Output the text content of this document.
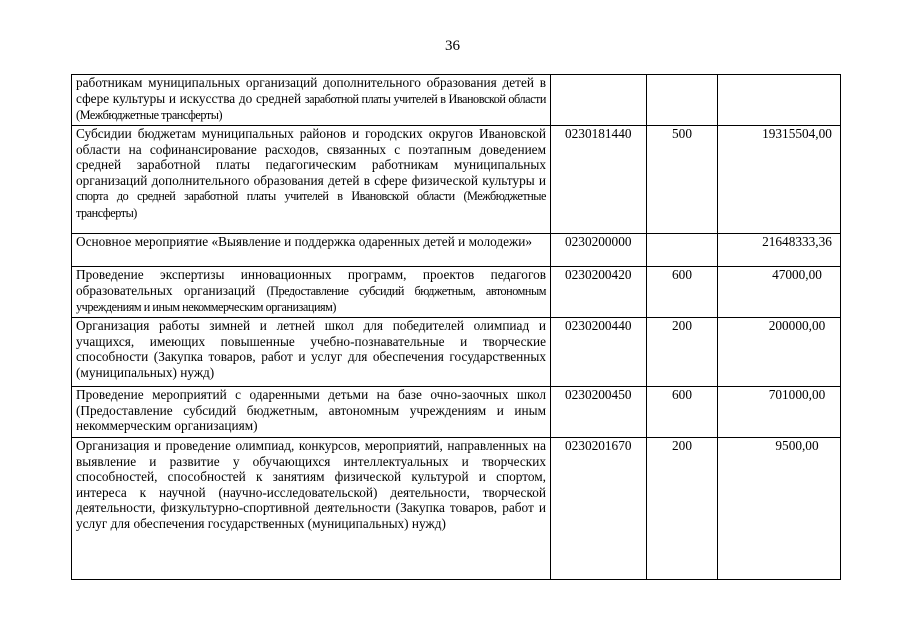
36
работникам муниципальных организаций дополнительного образования детей в сфере культуры и искусства до средней заработной платы учителей в Ивановской области (Межбюджетные трансферты)			
Субсидии бюджетам муниципальных районов и городских округов Ивановской области на софинансирование расходов, связанных с поэтапным доведением средней заработной платы педагогическим работникам муниципальных организаций дополнительного образования детей в сфере физической культуры и спорта до средней заработной платы учителей в Ивановской области (Межбюджетные трансферты)	0230181440	500	19315504,00
Основное мероприятие «Выявление и поддержка одаренных детей и молодежи»	0230200000		21648333,36
Проведение экспертизы инновационных программ, проектов педагогов образовательных организаций (Предоставление субсидий бюджетным, автономным учреждениям и иным некоммерческим организациям)	0230200420	600	47000,00
Организация работы зимней и летней школ для победителей олимпиад и учащихся, имеющих повышенные учебно-познавательные и творческие способности (Закупка товаров, работ и услуг для обеспечения государственных (муниципальных) нужд)	0230200440	200	200000,00
Проведение мероприятий с одаренными детьми на базе очно-заочных школ (Предоставление субсидий бюджетным, автономным учреждениям и иным некоммерческим организациям)	0230200450	600	701000,00
Организация и проведение олимпиад, конкурсов, мероприятий, направленных на выявление и развитие у обучающихся интеллектуальных и творческих способностей, способностей к занятиям физической культурой и спортом, интереса к научной (научно-исследовательской) деятельности, творческой деятельности, физкультурно-спортивной деятельности (Закупка товаров, работ и услуг для обеспечения государственных (муниципальных) нужд)	0230201670	200	9500,00
